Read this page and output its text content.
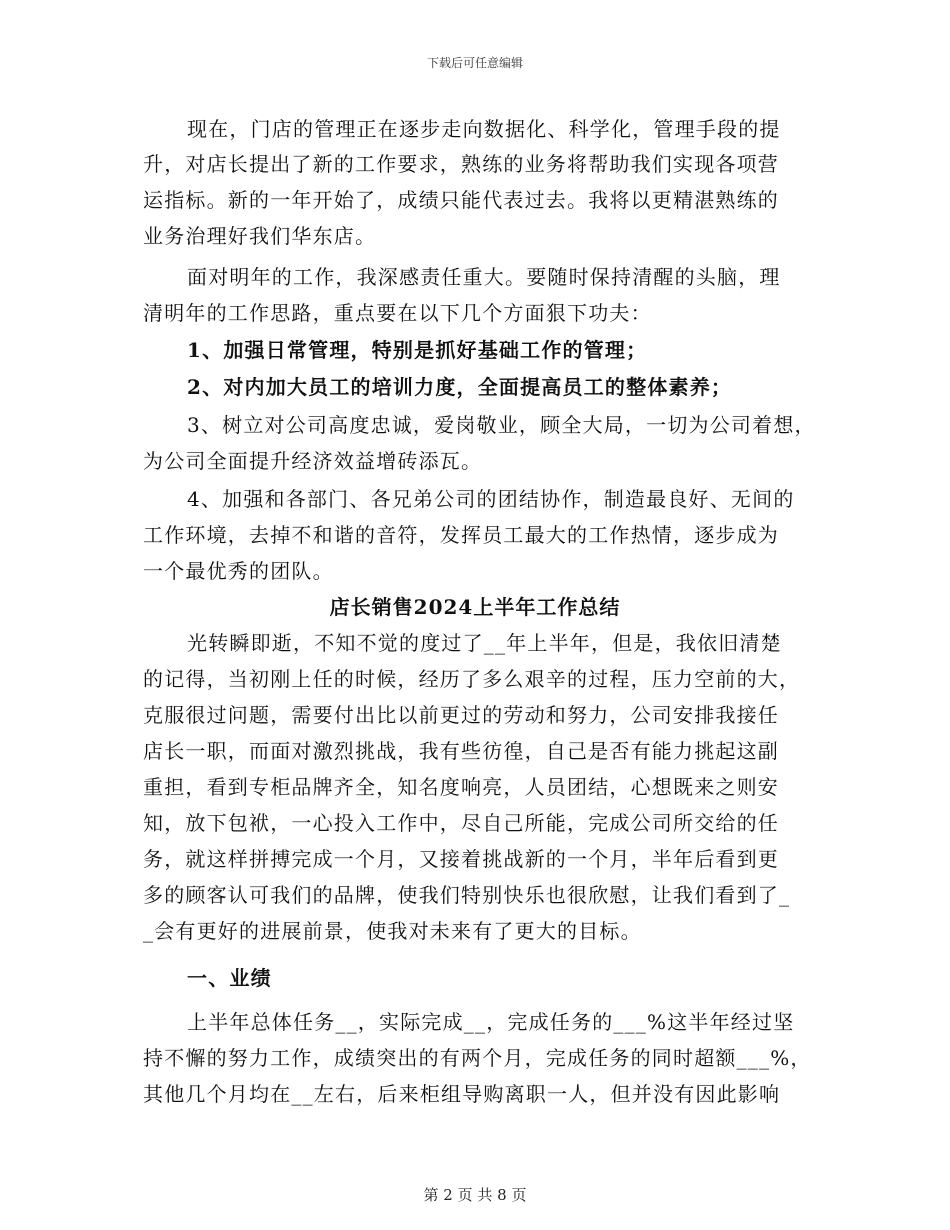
下载后可任意编辑
现在，门店的管理正在逐步走向数据化、科学化，管理手段的提
升，对店长提出了新的工作要求，熟练的业务将帮助我们实现各项营
运指标。新的一年开始了，成绩只能代表过去。我将以更精湛熟练的
业务治理好我们华东店。
面对明年的工作，我深感责任重大。要随时保持清醒的头脑，理
清明年的工作思路，重点要在以下几个方面狠下功夫：
1、加强日常管理，特别是抓好基础工作的管理；
2、对内加大员工的培训力度，全面提高员工的整体素养；
3、树立对公司高度忠诚，爱岗敬业，顾全大局，一切为公司着想，
为公司全面提升经济效益增砖添瓦。
4、加强和各部门、各兄弟公司的团结协作，制造最良好、无间的
工作环境，去掉不和谐的音符，发挥员工最大的工作热情，逐步成为
一个最优秀的团队。
店长销售2024上半年工作总结
光转瞬即逝，不知不觉的度过了__年上半年，但是，我依旧清楚
的记得，当初刚上任的时候，经历了多么艰辛的过程，压力空前的大，
克服很过问题，需要付出比以前更过的劳动和努力，公司安排我接任
店长一职，而面对激烈挑战，我有些彷徨，自己是否有能力挑起这副
重担，看到专柜品牌齐全，知名度响亮，人员团结，心想既来之则安
知，放下包袱，一心投入工作中，尽自己所能，完成公司所交给的任
务，就这样拼搏完成一个月，又接着挑战新的一个月，半年后看到更
多的顾客认可我们的品牌，使我们特别快乐也很欣慰，让我们看到了_
_会有更好的进展前景，使我对未来有了更大的目标。
一、业绩
上半年总体任务__，实际完成__，完成任务的___%这半年经过坚
持不懈的努力工作，成绩突出的有两个月，完成任务的同时超额___%，
其他几个月均在__左右，后来柜组导购离职一人，但并没有因此影响
第 2 页 共 8 页
